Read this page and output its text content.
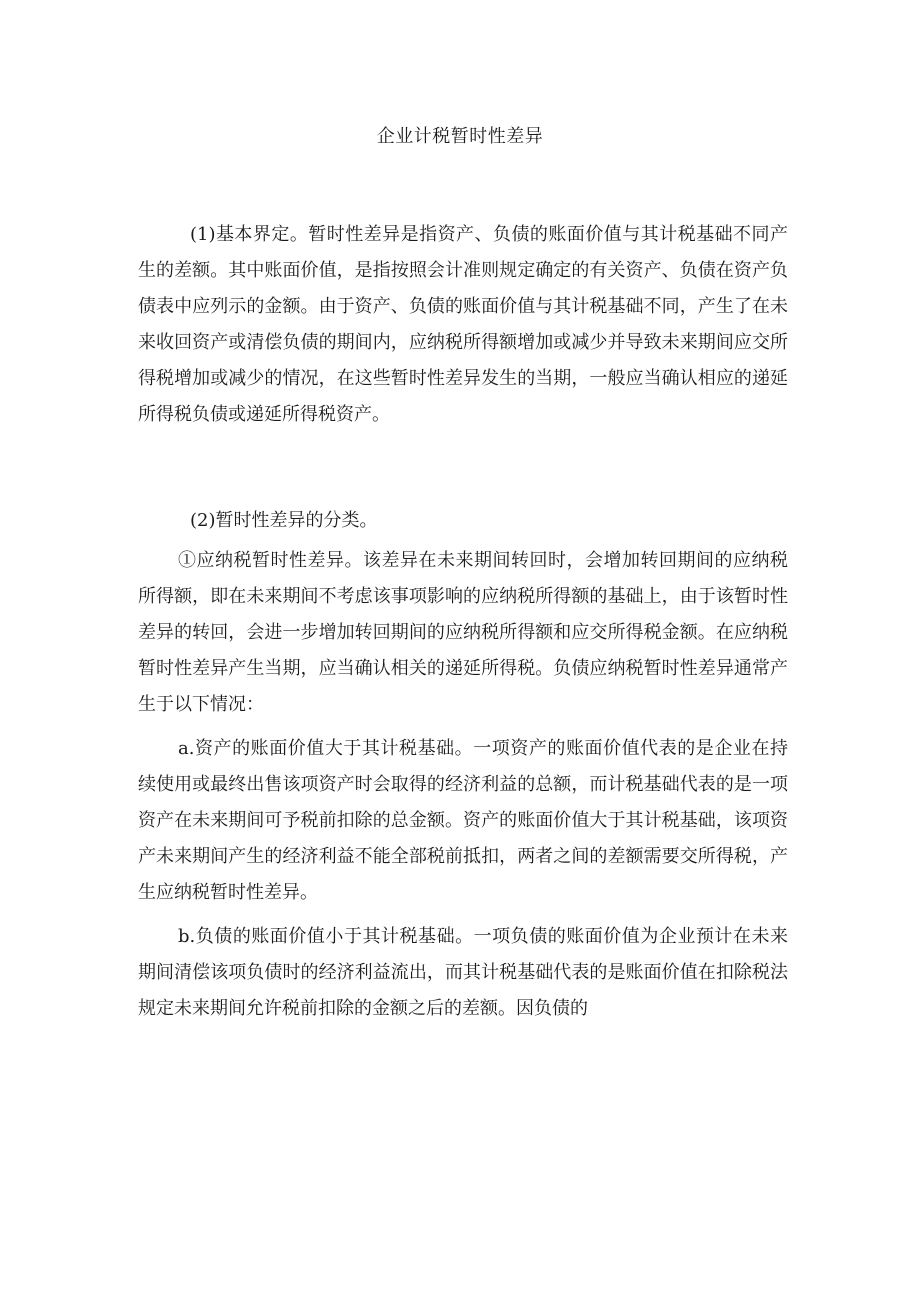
企业计税暂时性差异

(1)基本界定。暂时性差异是指资产、负债的账面价值与其计税基础不同产生的差额。其中账面价值，是指按照会计准则规定确定的有关资产、负债在资产负债表中应列示的金额。由于资产、负债的账面价值与其计税基础不同，产生了在未来收回资产或清偿负债的期间内，应纳税所得额增加或减少并导致未来期间应交所得税增加或减少的情况，在这些暂时性差异发生的当期，一般应当确认相应的递延所得税负债或递延所得税资产。

(2)暂时性差异的分类。

①应纳税暂时性差异。该差异在未来期间转回时，会增加转回期间的应纳税所得额，即在未来期间不考虑该事项影响的应纳税所得额的基础上，由于该暂时性差异的转回，会进一步增加转回期间的应纳税所得额和应交所得税金额。在应纳税暂时性差异产生当期，应当确认相关的递延所得税。负债应纳税暂时性差异通常产生于以下情况：

a.资产的账面价值大于其计税基础。一项资产的账面价值代表的是企业在持续使用或最终出售该项资产时会取得的经济利益的总额，而计税基础代表的是一项资产在未来期间可予税前扣除的总金额。资产的账面价值大于其计税基础，该项资产未来期间产生的经济利益不能全部税前抵扣，两者之间的差额需要交所得税，产生应纳税暂时性差异。

b.负债的账面价值小于其计税基础。一项负债的账面价值为企业预计在未来期间清偿该项负债时的经济利益流出，而其计税基础代表的是账面价值在扣除税法规定未来期间允许税前扣除的金额之后的差额。因负债的
